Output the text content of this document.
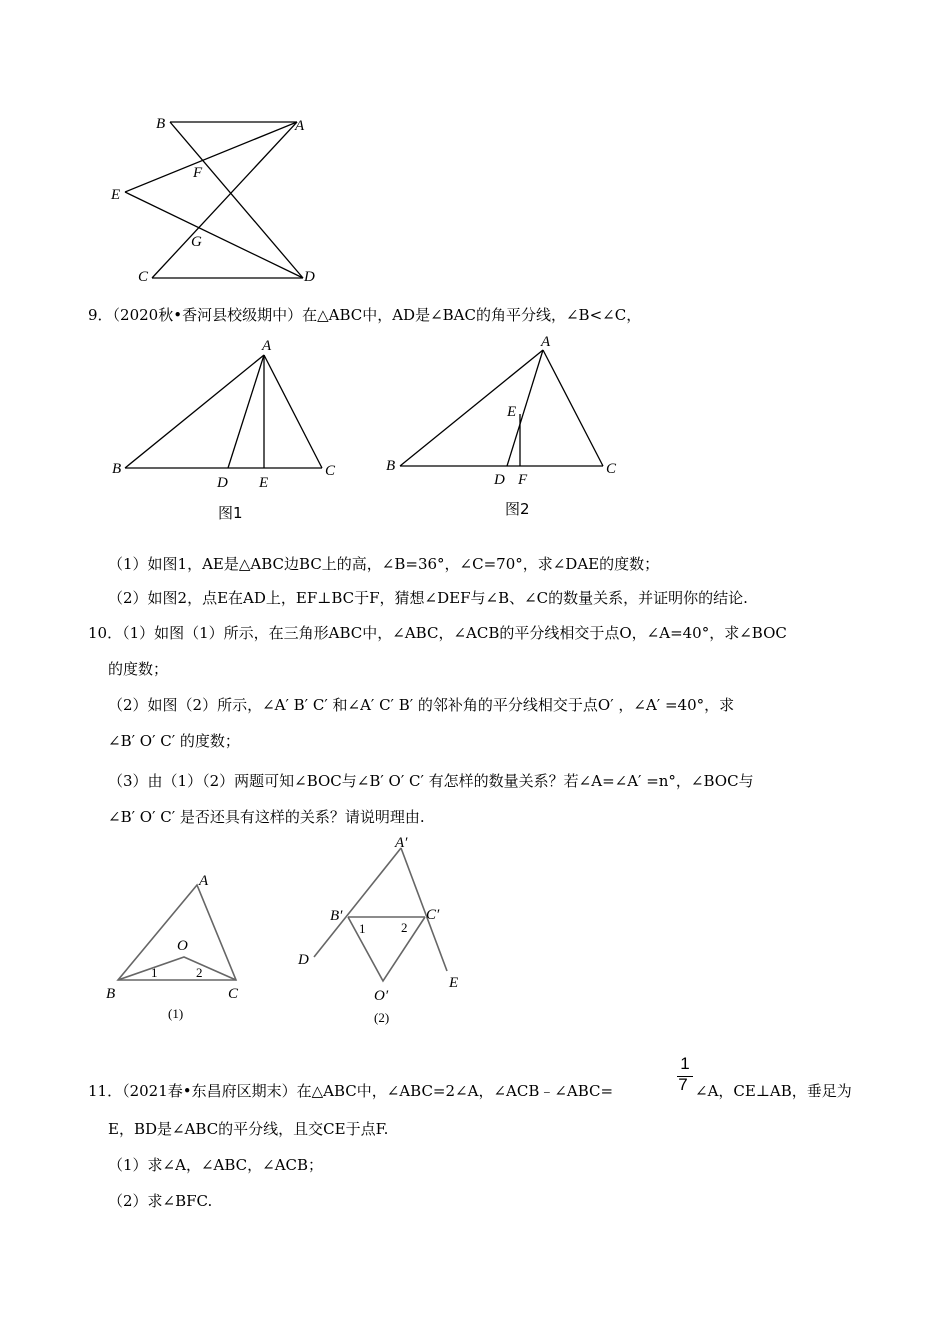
B	A
E
F
G
C	D
9．（2020秋•香河县校级期中）在△ABC中，AD是∠BAC的角平分线，∠B<∠C，
A
B	C
D E
图1
A
E
B	C
D F
图2
（1）如图1，AE是△ABC边BC上的高，∠B=36°，∠C=70°，求∠DAE的度数；
（2）如图2，点E在AD上，EF⊥BC于F，猜想∠DEF与∠B、∠C的数量关系，并证明你的结论.
10．（1）如图（1）所示，在三角形ABC中，∠ABC，∠ACB的平分线相交于点O，∠A=40°，求∠BOC
的度数；
（2）如图（2）所示，∠A′ B′ C′ 和∠A′ C′ B′ 的邻补角的平分线相交于点O′ ，∠A′ =40°，求
∠B′ O′ C′ 的度数；
（3）由（1）（2）两题可知∠BOC与∠B′ O′ C′ 有怎样的数量关系？若∠A=∠A′ =n°，∠BOC与
∠B′ O′ C′ 是否还具有这样的关系？请说明理由.
A
O
B	C
1	2
(1)
A′
B′	C′
1	2
D
E
O′
(2)
11．（2021春•东昌府区期末）在△ABC中，∠ABC=2∠A，∠ACB﹣∠ABC=
1
7 ∠A，CE⊥AB，垂足为
E，BD是∠ABC的平分线，且交CE于点F.
（1）求∠A，∠ABC，∠ACB；
（2）求∠BFC.
